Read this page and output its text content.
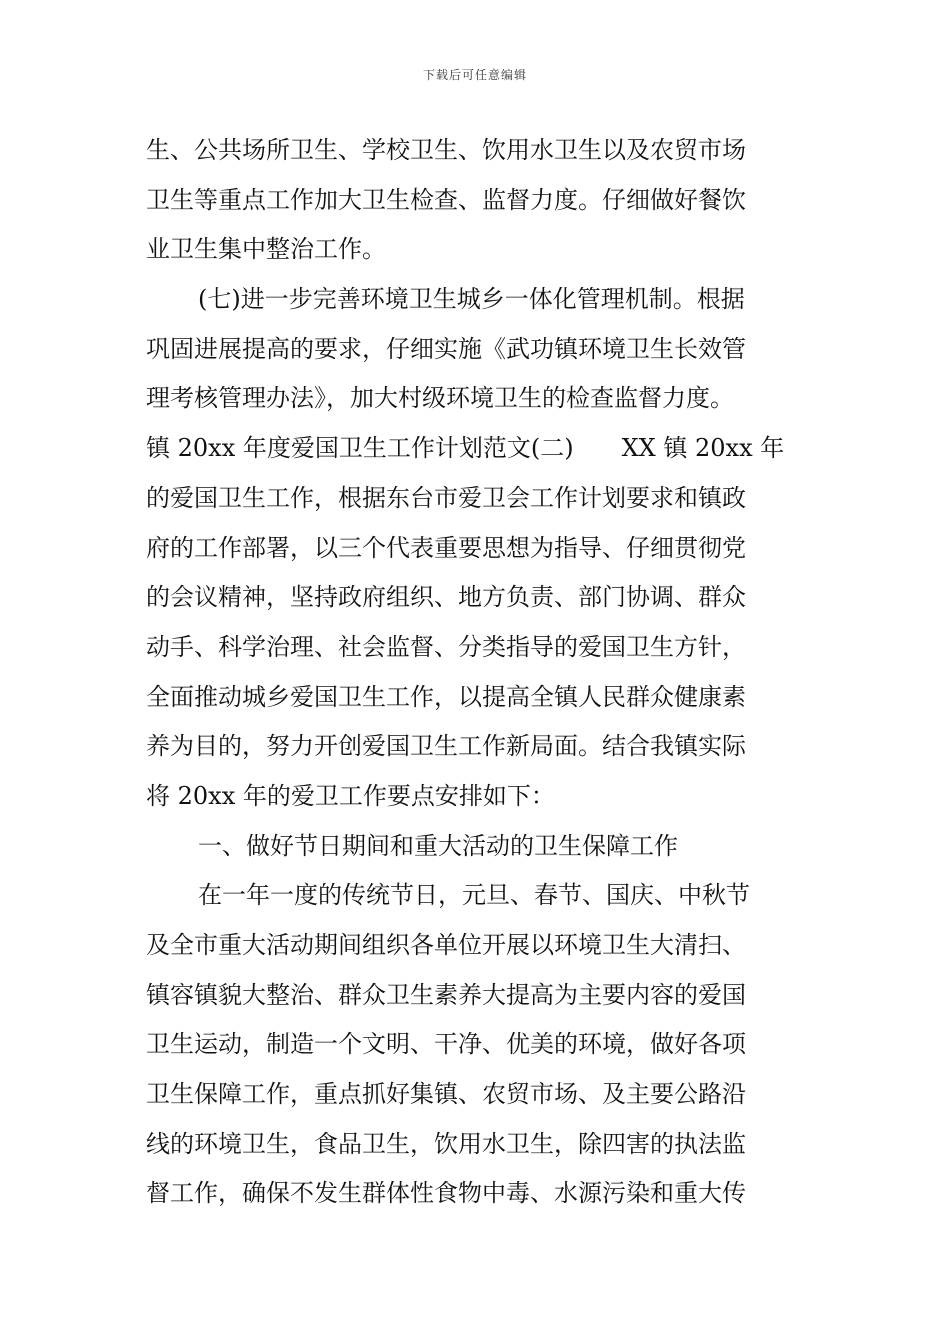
下载后可任意编辑
生、公共场所卫生、学校卫生、饮用水卫生以及农贸市场
卫生等重点工作加大卫生检查、监督力度。仔细做好餐饮
业卫生集中整治工作。
(七)进一步完善环境卫生城乡一体化管理机制。根据
巩固进展提高的要求，仔细实施《武功镇环境卫生长效管
理考核管理办法》，加大村级环境卫生的检查监督力度。
镇 20xx 年度爱国卫生工作计划范文(二)　　XX 镇 20xx 年
的爱国卫生工作，根据东台市爱卫会工作计划要求和镇政
府的工作部署，以三个代表重要思想为指导、仔细贯彻党
的会议精神，坚持政府组织、地方负责、部门协调、群众
动手、科学治理、社会监督、分类指导的爱国卫生方针，
全面推动城乡爱国卫生工作，以提高全镇人民群众健康素
养为目的，努力开创爱国卫生工作新局面。结合我镇实际
将 20xx 年的爱卫工作要点安排如下：
一、做好节日期间和重大活动的卫生保障工作
在一年一度的传统节日，元旦、春节、国庆、中秋节
及全市重大活动期间组织各单位开展以环境卫生大清扫、
镇容镇貌大整治、群众卫生素养大提高为主要内容的爱国
卫生运动，制造一个文明、干净、优美的环境，做好各项
卫生保障工作，重点抓好集镇、农贸市场、及主要公路沿
线的环境卫生，食品卫生，饮用水卫生，除四害的执法监
督工作，确保不发生群体性食物中毒、水源污染和重大传
